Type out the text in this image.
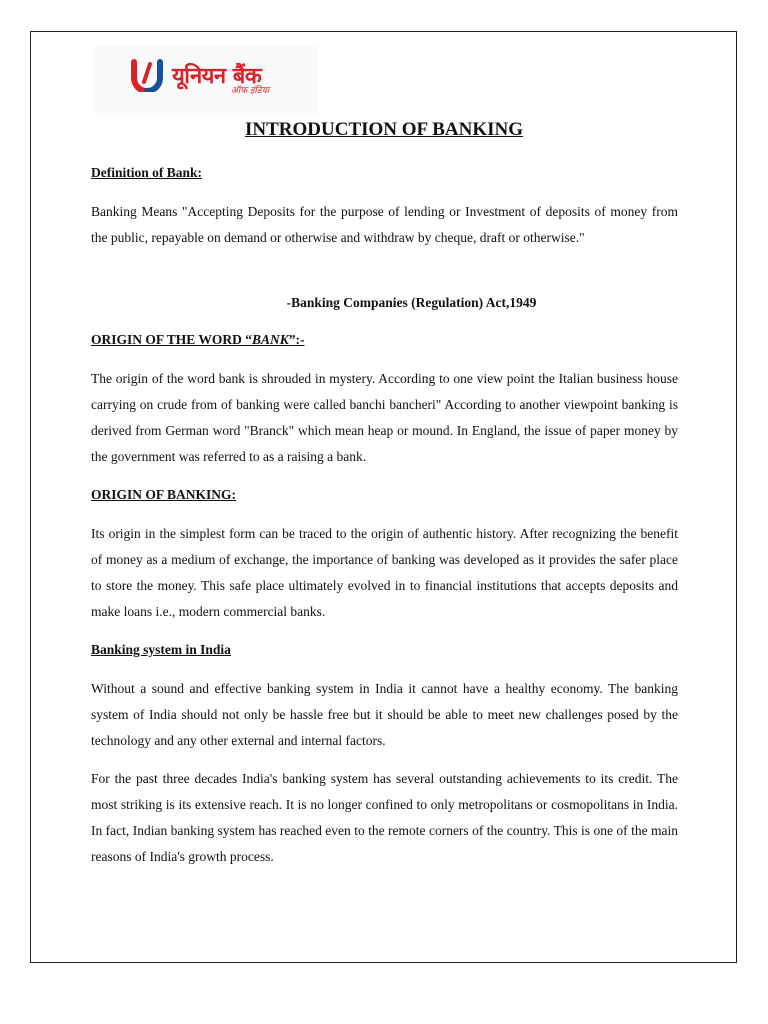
यूनियन बैंक
ऑफ इंडिया
INTRODUCTION OF BANKING

Definition of Bank:

Banking Means "Accepting Deposits for the purpose of lending or Investment of deposits of money from the public, repayable on demand or otherwise and withdraw by cheque, draft or otherwise."

-Banking Companies (Regulation) Act,1949

ORIGIN OF THE WORD “BANK”:-

The origin of the word bank is shrouded in mystery. According to one view point the Italian business house carrying on crude from of banking were called banchi bancheri" According to another viewpoint banking is derived from German word "Branck" which mean heap or mound. In England, the issue of paper money by the government was referred to as a raising a bank.

ORIGIN OF BANKING:

Its origin in the simplest form can be traced to the origin of authentic history. After recognizing the benefit of money as a medium of exchange, the importance of banking was developed as it provides the safer place to store the money. This safe place ultimately evolved in to financial institutions that accepts deposits and make loans i.e., modern commercial banks.

Banking system in India

Without a sound and effective banking system in India it cannot have a healthy economy. The banking system of India should not only be hassle free but it should be able to meet new challenges posed by the technology and any other external and internal factors.

For the past three decades India's banking system has several outstanding achievements to its credit. The most striking is its extensive reach. It is no longer confined to only metropolitans or cosmopolitans in India. In fact, Indian banking system has reached even to the remote corners of the country. This is one of the main reasons of India's growth process.
